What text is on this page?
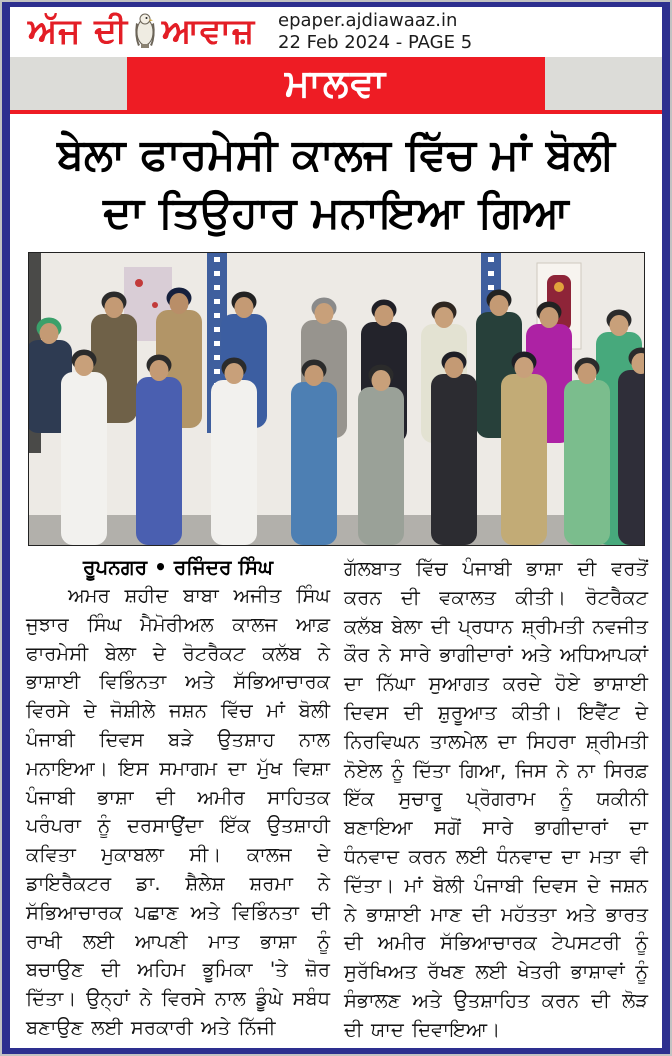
ਅੱਜ ਦੀ ਆਵਾਜ਼ epaper.ajdiawaaz.in
22 Feb 2024 - PAGE 5
ਮਾਲਵਾ
ਬੇਲਾ ਫਾਰਮੇਸੀ ਕਾਲਜ ਵਿੱਚ ਮਾਂ ਬੋਲੀ
ਦਾ ਤਿਉਹਾਰ ਮਨਾਇਆ ਗਿਆ

ਰੂਪਨਗਰ • ਰਜਿੰਦਰ ਸਿੰਘ

ਅਮਰ ਸ਼ਹੀਦ ਬਾਬਾ ਅਜੀਤ ਸਿੰਘ ਜੁਝਾਰ ਸਿੰਘ ਮੈਮੋਰੀਅਲ ਕਾਲਜ ਆਫ਼ ਫਾਰਮੇਸੀ ਬੇਲਾ ਦੇ ਰੋਟਰੈਕਟ ਕਲੱਬ ਨੇ ਭਾਸ਼ਾਈ ਵਿਭਿੰਨਤਾ ਅਤੇ ਸੱਭਿਆਚਾਰਕ ਵਿਰਸੇ ਦੇ ਜੋਸ਼ੀਲੇ ਜਸ਼ਨ ਵਿੱਚ ਮਾਂ ਬੋਲੀ ਪੰਜਾਬੀ ਦਿਵਸ ਬੜੇ ਉਤਸ਼ਾਹ ਨਾਲ ਮਨਾਇਆ। ਇਸ ਸਮਾਗਮ ਦਾ ਮੁੱਖ ਵਿਸ਼ਾ ਪੰਜਾਬੀ ਭਾਸ਼ਾ ਦੀ ਅਮੀਰ ਸਾਹਿਤਕ ਪਰੰਪਰਾ ਨੂੰ ਦਰਸਾਉਂਦਾ ਇੱਕ ਉਤਸ਼ਾਹੀ ਕਵਿਤਾ ਮੁਕਾਬਲਾ ਸੀ। ਕਾਲਜ ਦੇ ਡਾਇਰੈਕਟਰ ਡਾ. ਸ਼ੈਲੇਸ਼ ਸ਼ਰਮਾ ਨੇ ਸੱਭਿਆਚਾਰਕ ਪਛਾਣ ਅਤੇ ਵਿਭਿੰਨਤਾ ਦੀ ਰਾਖੀ ਲਈ ਆਪਣੀ ਮਾਤ ਭਾਸ਼ਾ ਨੂੰ ਬਚਾਉਣ ਦੀ ਅਹਿਮ ਭੂਮਿਕਾ 'ਤੇ ਜ਼ੋਰ ਦਿੱਤਾ। ਉਨ੍ਹਾਂ ਨੇ ਵਿਰਸੇ ਨਾਲ ਡੂੰਘੇ ਸਬੰਧ ਬਣਾਉਣ ਲਈ ਸਰਕਾਰੀ ਅਤੇ ਨਿੱਜੀ

ਗੱਲਬਾਤ ਵਿੱਚ ਪੰਜਾਬੀ ਭਾਸ਼ਾ ਦੀ ਵਰਤੋਂ ਕਰਨ ਦੀ ਵਕਾਲਤ ਕੀਤੀ। ਰੋਟਰੈਕਟ ਕਲੱਬ ਬੇਲਾ ਦੀ ਪ੍ਰਧਾਨ ਸ਼੍ਰੀਮਤੀ ਨਵਜੀਤ ਕੌਰ ਨੇ ਸਾਰੇ ਭਾਗੀਦਾਰਾਂ ਅਤੇ ਅਧਿਆਪਕਾਂ ਦਾ ਨਿੱਘਾ ਸੁਆਗਤ ਕਰਦੇ ਹੋਏ ਭਾਸ਼ਾਈ ਦਿਵਸ ਦੀ ਸ਼ੁਰੂਆਤ ਕੀਤੀ। ਇਵੈਂਟ ਦੇ ਨਿਰਵਿਘਨ ਤਾਲਮੇਲ ਦਾ ਸਿਹਰਾ ਸ਼੍ਰੀਮਤੀ ਨੋਏਲ ਨੂੰ ਦਿੱਤਾ ਗਿਆ, ਜਿਸ ਨੇ ਨਾ ਸਿਰਫ਼ ਇੱਕ ਸੁਚਾਰੂ ਪ੍ਰੋਗਰਾਮ ਨੂੰ ਯਕੀਨੀ ਬਣਾਇਆ ਸਗੋਂ ਸਾਰੇ ਭਾਗੀਦਾਰਾਂ ਦਾ ਧੰਨਵਾਦ ਕਰਨ ਲਈ ਧੰਨਵਾਦ ਦਾ ਮਤਾ ਵੀ ਦਿੱਤਾ। ਮਾਂ ਬੋਲੀ ਪੰਜਾਬੀ ਦਿਵਸ ਦੇ ਜਸ਼ਨ ਨੇ ਭਾਸ਼ਾਈ ਮਾਣ ਦੀ ਮਹੱਤਤਾ ਅਤੇ ਭਾਰਤ ਦੀ ਅਮੀਰ ਸੱਭਿਆਚਾਰਕ ਟੇਪਸਟਰੀ ਨੂੰ ਸੁਰੱਖਿਅਤ ਰੱਖਣ ਲਈ ਖੇਤਰੀ ਭਾਸ਼ਾਵਾਂ ਨੂੰ ਸੰਭਾਲਣ ਅਤੇ ਉਤਸ਼ਾਹਿਤ ਕਰਨ ਦੀ ਲੋੜ ਦੀ ਯਾਦ ਦਿਵਾਇਆ।
